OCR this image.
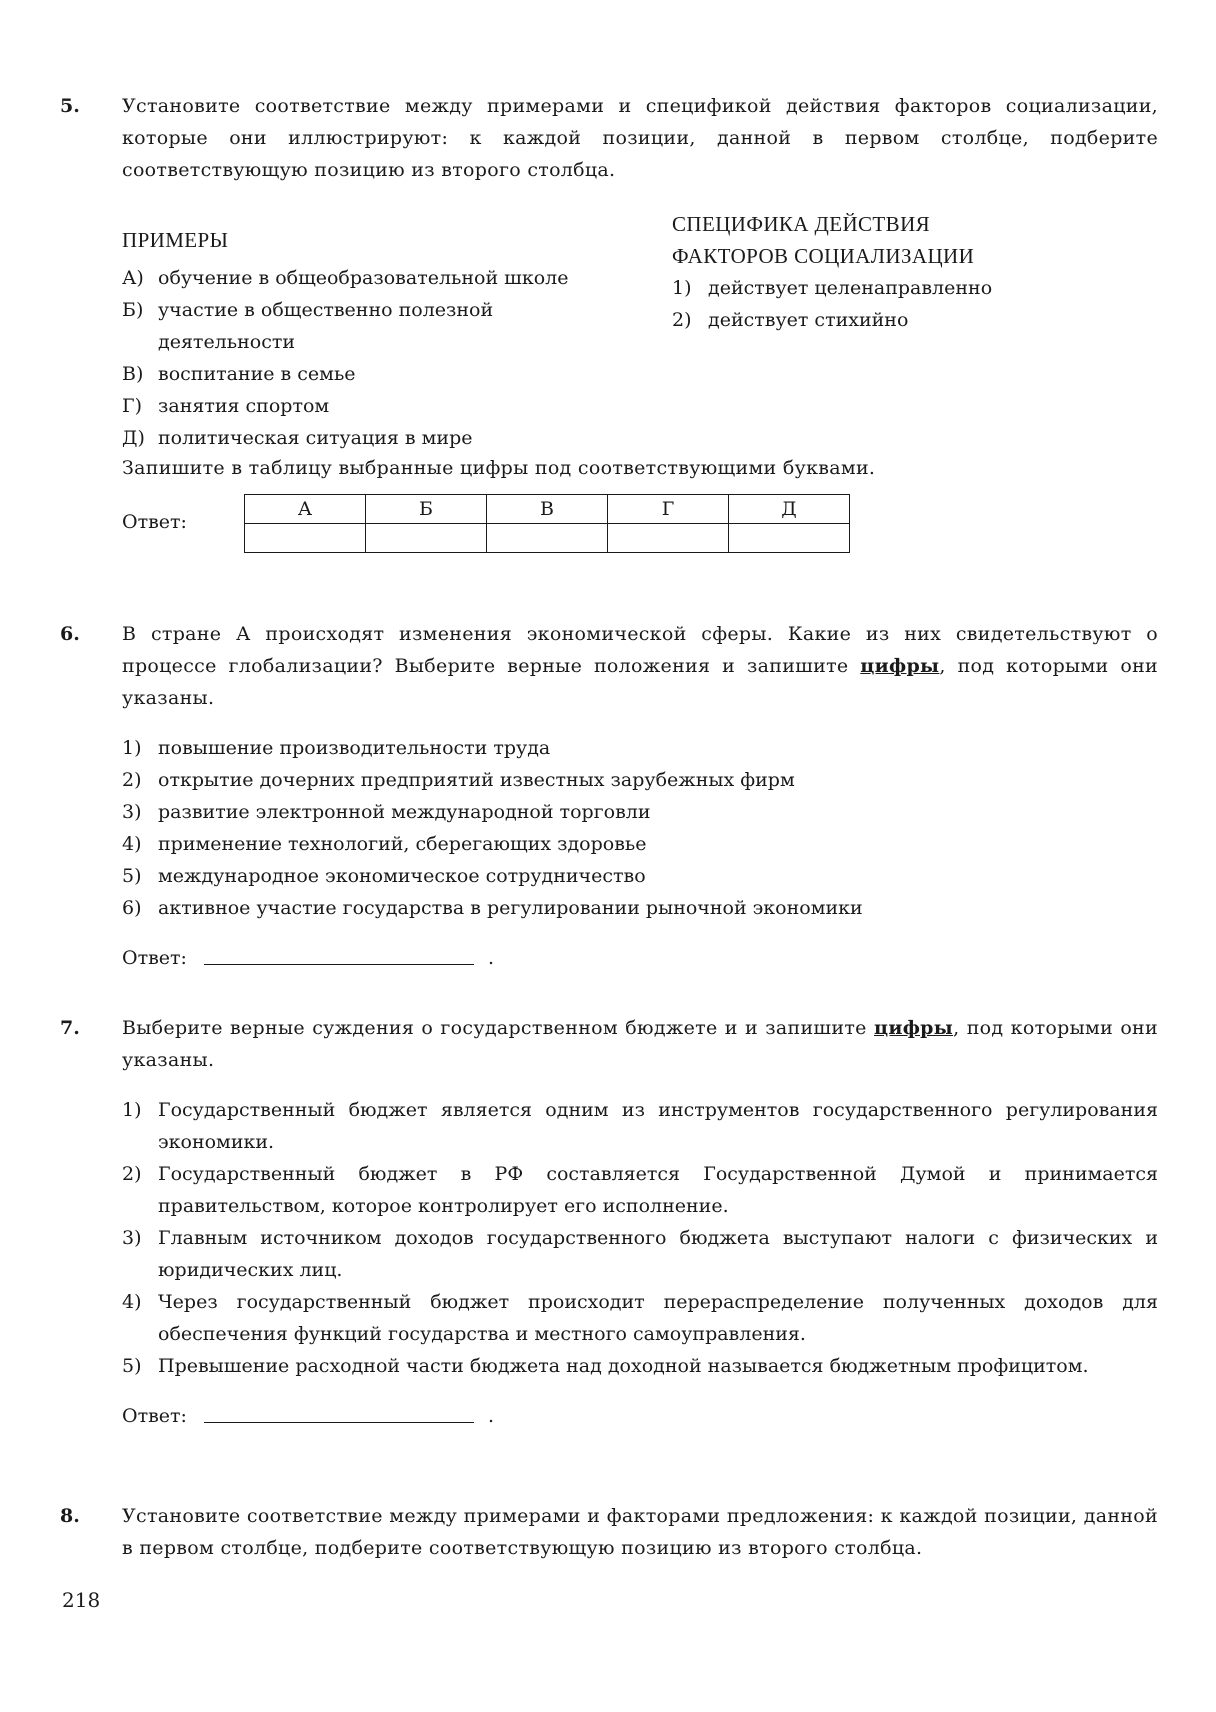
5. Установите соответствие между примерами и спецификой действия факторов социализации, которые они иллюстрируют: к каждой позиции, данной в первом столбце, подберите соответствующую позицию из второго столбца.
ПРИМЕРЫ
А) обучение в общеобразовательной школе
Б) участие в общественно полезной деятельности
В) воспитание в семье
Г) занятия спортом
Д) политическая ситуация в мире
СПЕЦИФИКА ДЕЙСТВИЯ
ФАКТОРОВ СОЦИАЛИЗАЦИИ
1) действует целенаправленно
2) действует стихийно
Запишите в таблицу выбранные цифры под соответствующими буквами.
Ответ:
А	Б	В	Г	Д

6. В стране А происходят изменения экономической сферы. Какие из них свидетельствуют о процессе глобализации? Выберите верные положения и запишите цифры, под которыми они указаны.
1) повышение производительности труда
2) открытие дочерних предприятий известных зарубежных фирм
3) развитие электронной международной торговли
4) применение технологий, сберегающих здоровье
5) международное экономическое сотрудничество
6) активное участие государства в регулировании рыночной экономики
Ответ:	.
7. Выберите верные суждения о государственном бюджете и и запишите цифры, под которыми они указаны.
1) Государственный бюджет является одним из инструментов государственного регулирования экономики.
2) Государственный бюджет в РФ составляется Государственной Думой и принимается правительством, которое контролирует его исполнение.
3) Главным источником доходов государственного бюджета выступают налоги с физических и юридических лиц.
4) Через государственный бюджет происходит перераспределение полученных доходов для обеспечения функций государства и местного самоуправления.
5) Превышение расходной части бюджета над доходной называется бюджетным профицитом.
Ответ:	.
8. Установите соответствие между примерами и факторами предложения: к каждой позиции, данной в первом столбце, подберите соответствующую позицию из второго столбца.
218
